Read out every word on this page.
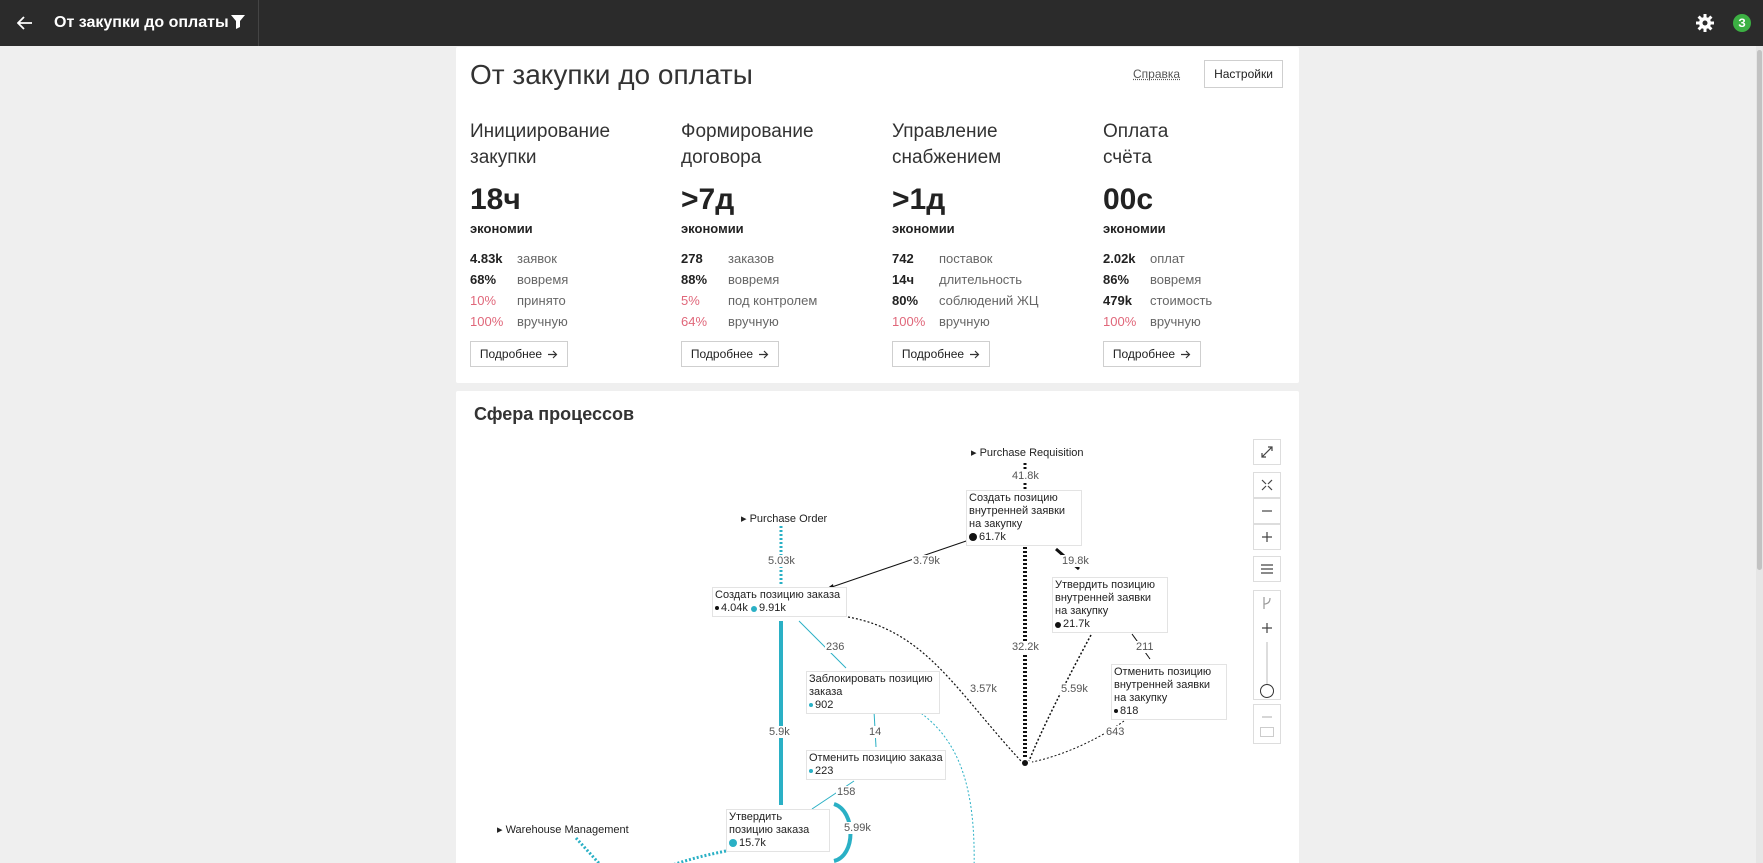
От закупки до оплаты	З
От закупки до оплаты	Справка	Настройки
Инициирование
закупки
18ч
экономии
4.83k	заявок
68%	вовремя
10%	принято
100%	вручную
Подробнее
Формирование
договора
>7д
экономии
278	заказов
88%	вовремя
5%	под контролем
64%	вручную
Подробнее
Управление
снабжением
>1д
экономии
742	поставок
14ч	длительность
80%	соблюдений ЖЦ
100%	вручную
Подробнее
Оплата
счёта
00с
экономии
2.02k	оплат
86%	вовремя
479k	стоимость
100%	вручную
Подробнее
Сфера процессов
▸ Purchase Requisition
▸ Purchase Order
▸ Warehouse Management
Создать позицию внутренней заявки на закупку
61.7k
Утвердить позицию внутренней заявки на закупку
21.7k
Отменить позицию внутренней заявки на закупку
818
Создать позицию заказа
4.04k 9.91k
Заблокировать позицию заказа
902
Отменить позицию заказа
223
Утвердить позицию заказа
15.7k
41.8k
5.03k	3.79k	19.8k
32.2k	211
236
3.57k	5.59k
5.9k	14	643
158
5.99k
